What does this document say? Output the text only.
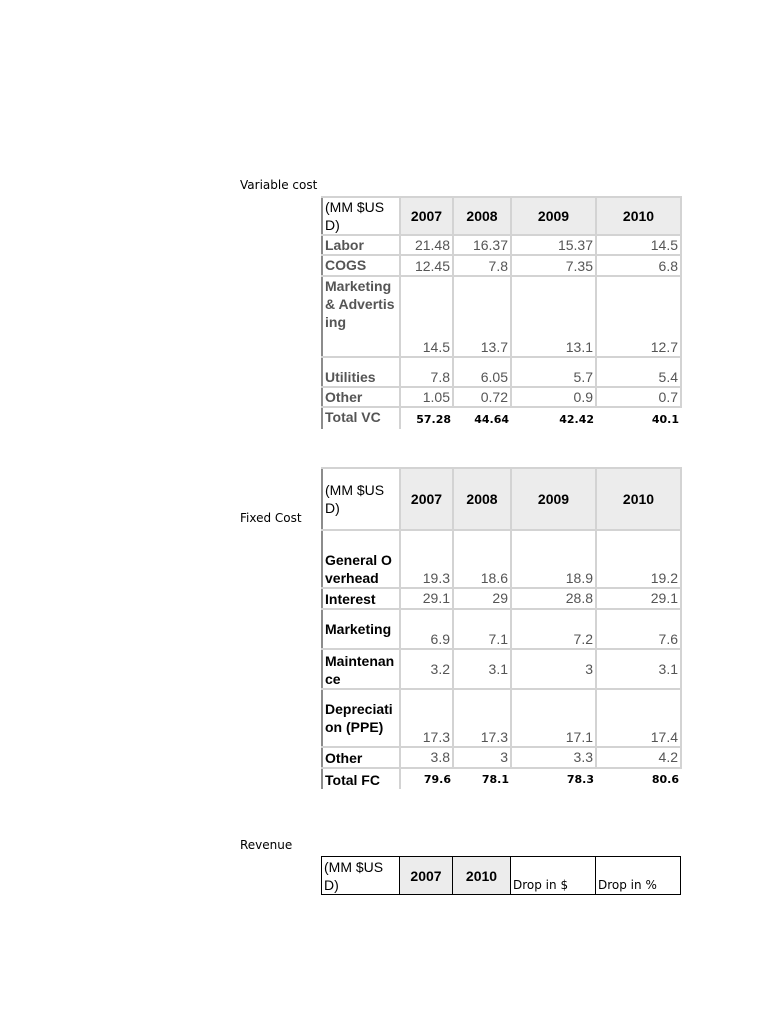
Variable cost
(MM $USD)	2007	2008	2009	2010
Labor	21.48	16.37	15.37	14.5
COGS	12.45	7.8	7.35	6.8
Marketing & Advertising	14.5	13.7	13.1	12.7
Utilities	7.8	6.05	5.7	5.4
Other	1.05	0.72	0.9	0.7
Total VC	57.28	44.64	42.42	40.1
Fixed Cost
(MM $USD)	2007	2008	2009	2010
General Overhead	19.3	18.6	18.9	19.2
Interest	29.1	29	28.8	29.1
Marketing	6.9	7.1	7.2	7.6
Maintenance	3.2	3.1	3	3.1
Depreciation (PPE)	17.3	17.3	17.1	17.4
Other	3.8	3	3.3	4.2
Total FC	79.6	78.1	78.3	80.6
Revenue
(MM $USD)	2007	2010	Drop in $	Drop in %
